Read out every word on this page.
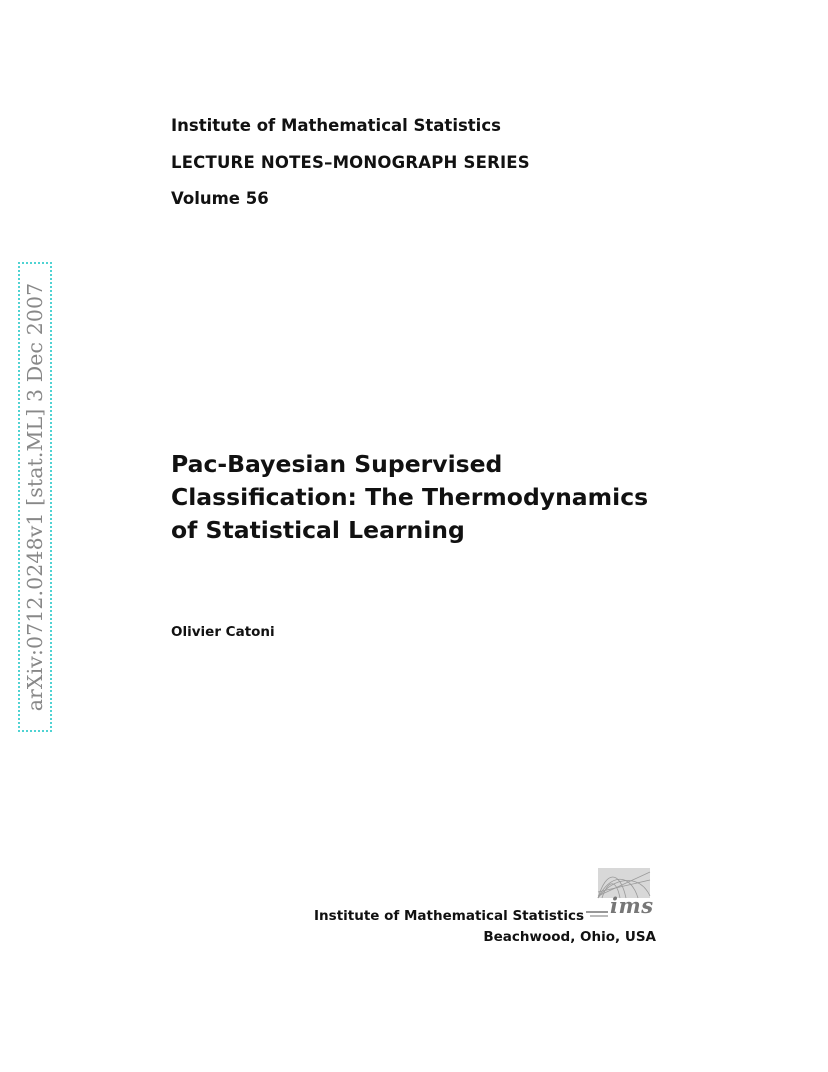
Institute of Mathematical Statistics
LECTURE NOTES–MONOGRAPH SERIES
Volume 56
arXiv:0712.0248v1 [stat.ML] 3 Dec 2007	Pac-Bayesian Supervised
Classification: The Thermodynamics
of Statistical Learning
Olivier Catoni
Institute of Mathematical Statistics
Beachwood, Ohio, USA
ims
